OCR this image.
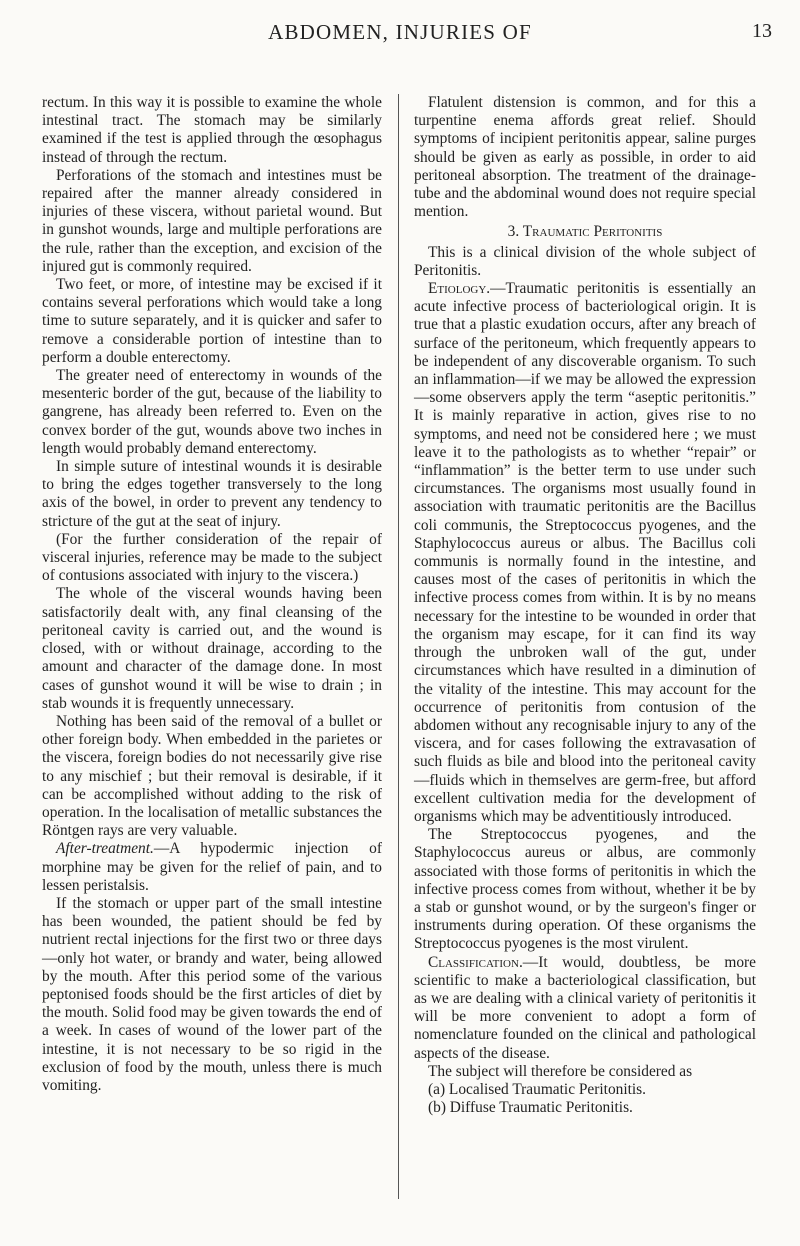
ABDOMEN, INJURIES OF	13

rectum. In this way it is possible to examine the whole intestinal tract. The stomach may be similarly examined if the test is applied through the œsophagus instead of through the rectum.

Perforations of the stomach and intestines must be repaired after the manner already considered in injuries of these viscera, without parietal wound. But in gunshot wounds, large and multiple perforations are the rule, rather than the exception, and excision of the injured gut is commonly required.

Two feet, or more, of intestine may be excised if it contains several perforations which would take a long time to suture separately, and it is quicker and safer to remove a considerable portion of intestine than to perform a double enterectomy.

The greater need of enterectomy in wounds of the mesenteric border of the gut, because of the liability to gangrene, has already been referred to. Even on the convex border of the gut, wounds above two inches in length would probably demand enterectomy.

In simple suture of intestinal wounds it is desirable to bring the edges together transversely to the long axis of the bowel, in order to prevent any tendency to stricture of the gut at the seat of injury.

(For the further consideration of the repair of visceral injuries, reference may be made to the subject of contusions associated with injury to the viscera.)

The whole of the visceral wounds having been satisfactorily dealt with, any final cleansing of the peritoneal cavity is carried out, and the wound is closed, with or without drainage, according to the amount and character of the damage done. In most cases of gunshot wound it will be wise to drain ; in stab wounds it is frequently unnecessary.

Nothing has been said of the removal of a bullet or other foreign body. When embedded in the parietes or the viscera, foreign bodies do not necessarily give rise to any mischief ; but their removal is desirable, if it can be accomplished without adding to the risk of operation. In the localisation of metallic substances the Röntgen rays are very valuable.

After-treatment.—A hypodermic injection of morphine may be given for the relief of pain, and to lessen peristalsis.

If the stomach or upper part of the small intestine has been wounded, the patient should be fed by nutrient rectal injections for the first two or three days—only hot water, or brandy and water, being allowed by the mouth. After this period some of the various peptonised foods should be the first articles of diet by the mouth. Solid food may be given towards the end of a week. In cases of wound of the lower part of the intestine, it is not necessary to be so rigid in the exclusion of food by the mouth, unless there is much vomiting.

Flatulent distension is common, and for this a turpentine enema affords great relief. Should symptoms of incipient peritonitis appear, saline purges should be given as early as possible, in order to aid peritoneal absorption. The treatment of the drainage-tube and the abdominal wound does not require special mention.

3. Traumatic Peritonitis

This is a clinical division of the whole subject of Peritonitis.

Etiology.—Traumatic peritonitis is essentially an acute infective process of bacteriological origin. It is true that a plastic exudation occurs, after any breach of surface of the peritoneum, which frequently appears to be independent of any discoverable organism. To such an inflammation—if we may be allowed the expression—some observers apply the term “aseptic peritonitis.” It is mainly reparative in action, gives rise to no symptoms, and need not be considered here ; we must leave it to the pathologists as to whether “repair” or “inflammation” is the better term to use under such circumstances. The organisms most usually found in association with traumatic peritonitis are the Bacillus coli communis, the Streptococcus pyogenes, and the Staphylococcus aureus or albus. The Bacillus coli communis is normally found in the intestine, and causes most of the cases of peritonitis in which the infective process comes from within. It is by no means necessary for the intestine to be wounded in order that the organism may escape, for it can find its way through the unbroken wall of the gut, under circumstances which have resulted in a diminution of the vitality of the intestine. This may account for the occurrence of peritonitis from contusion of the abdomen without any recognisable injury to any of the viscera, and for cases following the extravasation of such fluids as bile and blood into the peritoneal cavity—fluids which in themselves are germ-free, but afford excellent cultivation media for the development of organisms which may be adventitiously introduced.

The Streptococcus pyogenes, and the Staphylococcus aureus or albus, are commonly associated with those forms of peritonitis in which the infective process comes from without, whether it be by a stab or gunshot wound, or by the surgeon's finger or instruments during operation. Of these organisms the Streptococcus pyogenes is the most virulent.

Classification.—It would, doubtless, be more scientific to make a bacteriological classification, but as we are dealing with a clinical variety of peritonitis it will be more convenient to adopt a form of nomenclature founded on the clinical and pathological aspects of the disease.

The subject will therefore be considered as

(a) Localised Traumatic Peritonitis.

(b) Diffuse Traumatic Peritonitis.
